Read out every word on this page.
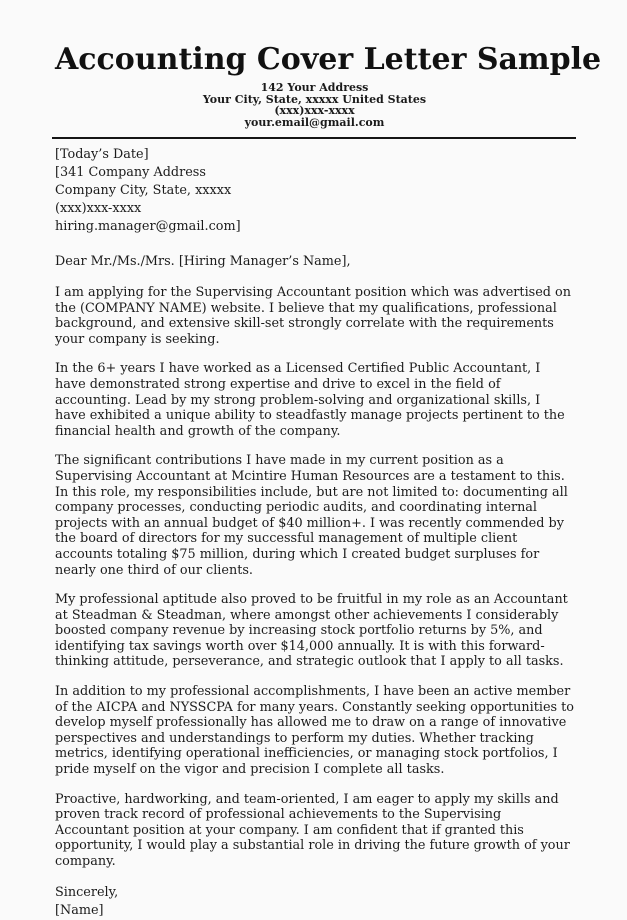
Accounting Cover Letter Sample
142 Your Address
Your City, State, xxxxx United States
(xxx)xxx-xxxx
your.email@gmail.com
[Today’s Date]
[341 Company Address
Company City, State, xxxxx
(xxx)xxx-xxxx
hiring.manager@gmail.com]
Dear Mr./Ms./Mrs. [Hiring Manager’s Name],

I am applying for the Supervising Accountant position which was advertised on the (COMPANY NAME) website. I believe that my qualifications, professional background, and extensive skill-set strongly correlate with the requirements your company is seeking.

In the 6+ years I have worked as a Licensed Certified Public Accountant, I have demonstrated strong expertise and drive to excel in the field of accounting. Lead by my strong problem-solving and organizational skills, I have exhibited a unique ability to steadfastly manage projects pertinent to the financial health and growth of the company.

The significant contributions I have made in my current position as a Supervising Accountant at Mcintire Human Resources are a testament to this. In this role, my responsibilities include, but are not limited to: documenting all company processes, conducting periodic audits, and coordinating internal projects with an annual budget of $40 million+. I was recently commended by the board of directors for my successful management of multiple client accounts totaling $75 million, during which I created budget surpluses for nearly one third of our clients.

My professional aptitude also proved to be fruitful in my role as an Accountant at Steadman & Steadman, where amongst other achievements I considerably boosted company revenue by increasing stock portfolio returns by 5%, and identifying tax savings worth over $14,000 annually. It is with this forward-thinking attitude, perseverance, and strategic outlook that I apply to all tasks.

In addition to my professional accomplishments, I have been an active member of the AICPA and NYSSCPA for many years. Constantly seeking opportunities to develop myself professionally has allowed me to draw on a range of innovative perspectives and understandings to perform my duties. Whether tracking metrics, identifying operational inefficiencies, or managing stock portfolios, I pride myself on the vigor and precision I complete all tasks.

Proactive, hardworking, and team-oriented, I am eager to apply my skills and proven track record of professional achievements to the Supervising Accountant position at your company. I am confident that if granted this opportunity, I would play a substantial role in driving the future growth of your company.

Sincerely,
[Name]
